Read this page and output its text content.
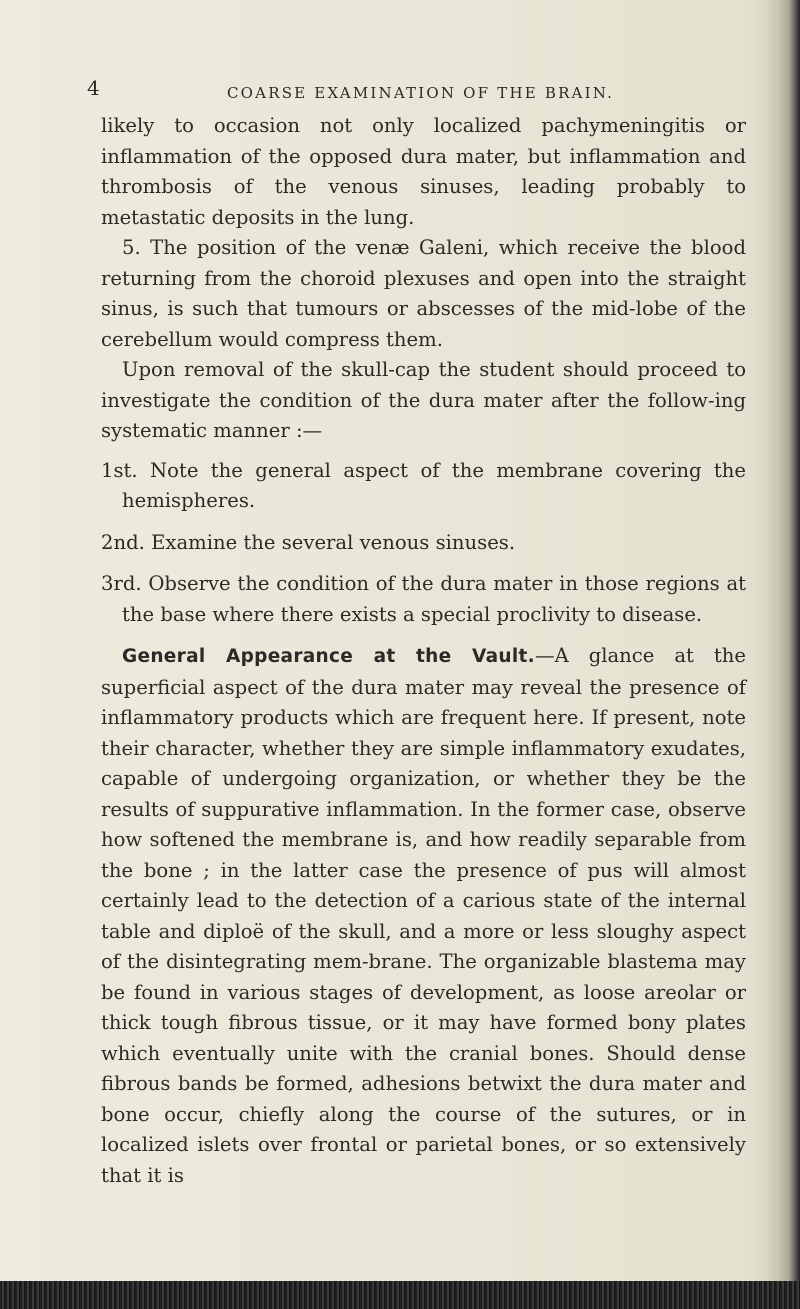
4	COARSE EXAMINATION OF THE BRAIN.

likely to occasion not only localized pachymeningitis or inflammation of the opposed dura mater, but inflammation and thrombosis of the venous sinuses, leading probably to metastatic deposits in the lung.

5. The position of the venæ Galeni, which receive the blood returning from the choroid plexuses and open into the straight sinus, is such that tumours or abscesses of the mid-lobe of the cerebellum would compress them.

Upon removal of the skull-cap the student should proceed to investigate the condition of the dura mater after the follow-ing systematic manner :—

1st. Note the general aspect of the membrane covering the hemispheres.
2nd. Examine the several venous sinuses.
3rd. Observe the condition of the dura mater in those regions at the base where there exists a special proclivity to disease.

General Appearance at the Vault.—A glance at the superficial aspect of the dura mater may reveal the presence of inflammatory products which are frequent here. If present, note their character, whether they are simple inflammatory exudates, capable of undergoing organization, or whether they be the results of suppurative inflammation. In the former case, observe how softened the membrane is, and how readily separable from the bone ; in the latter case the presence of pus will almost certainly lead to the detection of a carious state of the internal table and diploë of the skull, and a more or less sloughy aspect of the disintegrating mem-brane. The organizable blastema may be found in various stages of development, as loose areolar or thick tough fibrous tissue, or it may have formed bony plates which eventually unite with the cranial bones. Should dense fibrous bands be formed, adhesions betwixt the dura mater and bone occur, chiefly along the course of the sutures, or in localized islets over frontal or parietal bones, or so extensively that it is
